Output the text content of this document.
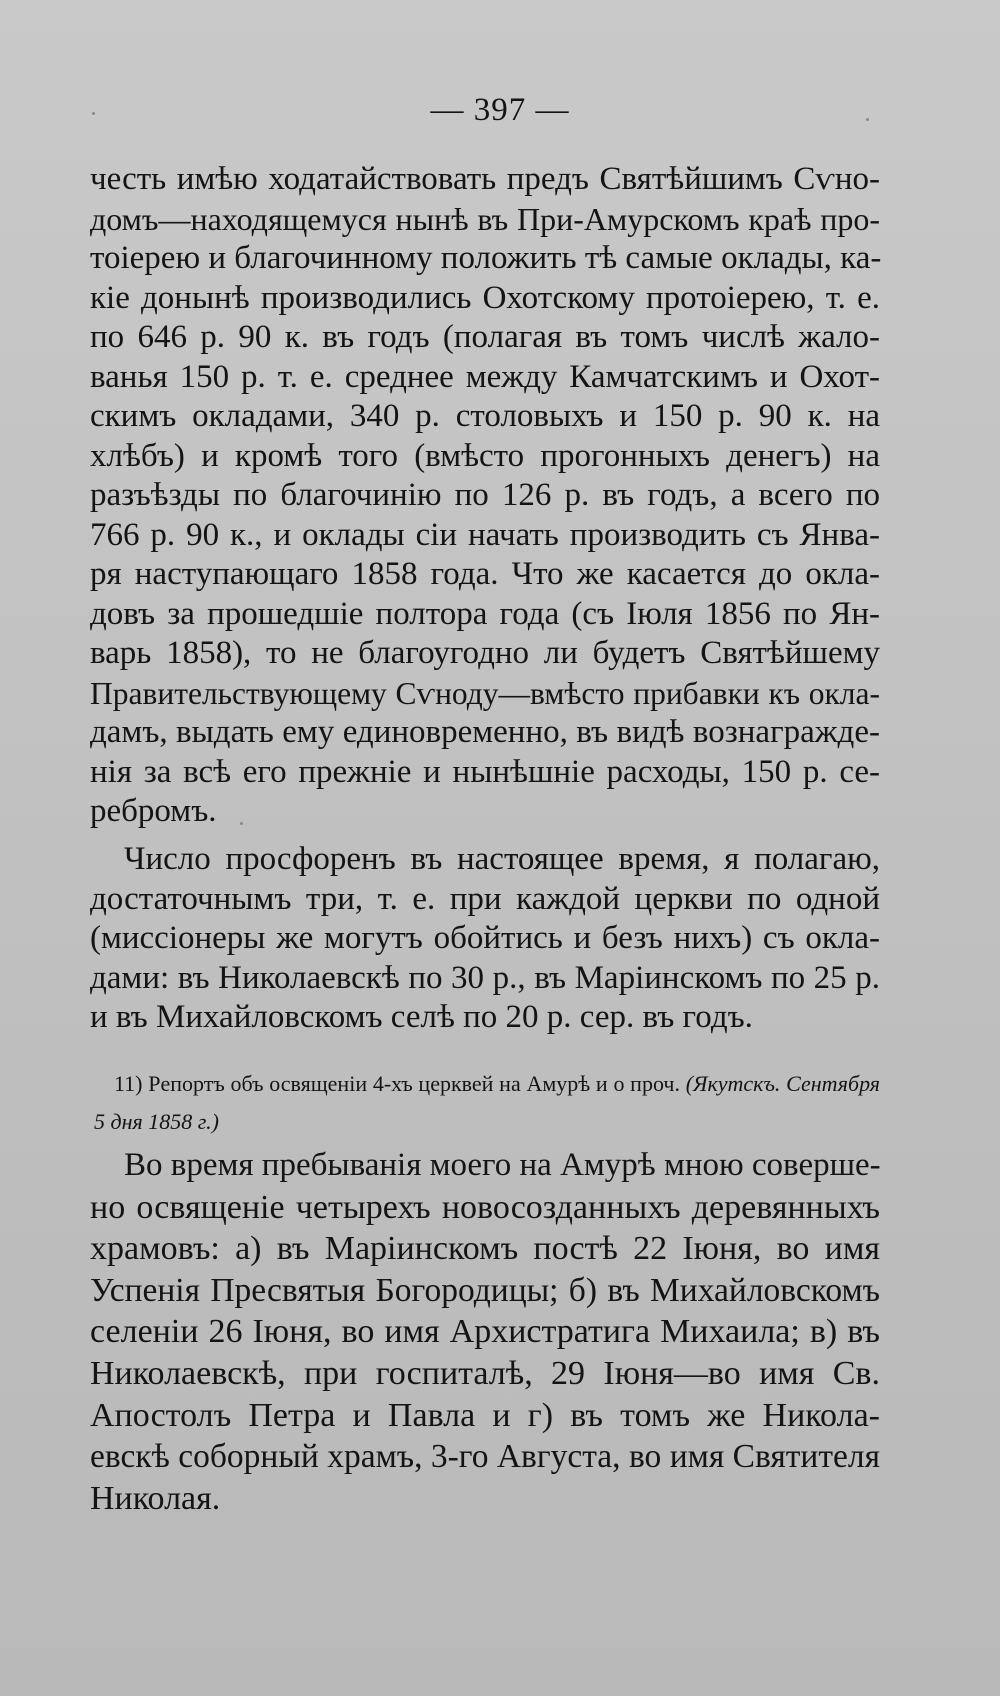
— 397 —
честь имѣю ходатайствовать предъ Святѣйшимъ Сѵно-
домъ—находящемуся нынѣ въ При-Амурскомъ краѣ про-
тоіерею и благочинному положить тѣ самые оклады, ка-
кіе донынѣ производились Охотскому протоіерею, т. е.
по 646 р. 90 к. въ годъ (полагая въ томъ числѣ жало-
ванья 150 р. т. е. среднее между Камчатскимъ и Охот-
скимъ окладами, 340 р. столовыхъ и 150 р. 90 к. на
хлѣбъ) и кромѣ того (вмѣсто прогонныхъ денегъ) на
разъѣзды по благочинію по 126 р. въ годъ, а всего по
766 р. 90 к., и оклады сіи начать производить съ Янва-
ря наступающаго 1858 года. Что же касается до окла-
довъ за прошедшіе полтора года (съ Іюля 1856 по Ян-
варь 1858), то не благоугодно ли будетъ Святѣйшему
Правительствующему Сѵноду—вмѣсто прибавки къ окла-
дамъ, выдать ему единовременно, въ видѣ вознагражде-
нія за всѣ его прежніе и нынѣшніе расходы, 150 р. се-
ребромъ.
Число просфоренъ въ настоящее время, я полагаю,
достаточнымъ три, т. е. при каждой церкви по одной
(миссіонеры же могутъ обойтись и безъ нихъ) съ окла-
дами: въ Николаевскѣ по 30 р., въ Маріинскомъ по 25 р.
и въ Михайловскомъ селѣ по 20 р. сер. въ годъ.
11) Рeпортъ объ освященіи 4-хъ церквей на Амурѣ и о проч. (Якутскъ. Сентября
5 дня 1858 г.)
Во время пребыванія моего на Амурѣ мною соверше-
но освященіе четырехъ новосозданныхъ деревянныхъ
храмовъ: а) въ Маріинскомъ постѣ 22 Іюня, во имя
Успенія Пресвятыя Богородицы; б) въ Михайловскомъ
селеніи 26 Іюня, во имя Архистратига Михаила; в) въ
Николаевскѣ, при госпиталѣ, 29 Іюня—во имя Св.
Апостолъ Петра и Павла и г) въ томъ же Никола-
евскѣ соборный храмъ, 3-го Августа, во имя Святителя
Николая.
